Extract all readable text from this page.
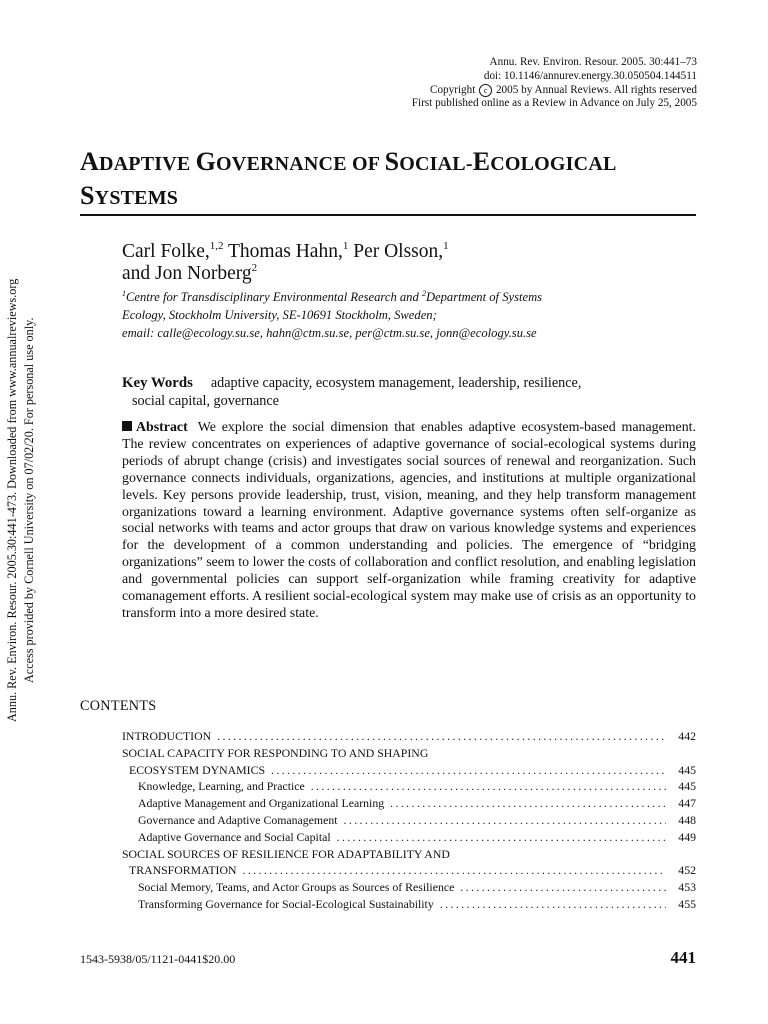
Annu. Rev. Environ. Resour. 2005. 30:441–73
doi: 10.1146/annurev.energy.30.050504.144511
Copyright c 2005 by Annual Reviews. All rights reserved
First published online as a Review in Advance on July 25, 2005
ADAPTIVE GOVERNANCE OF SOCIAL-ECOLOGICAL
SYSTEMS
Carl Folke,$^{1,2}$ Thomas Hahn,$^1$ Per Olsson,$^1$
and Jon Norberg$^2$
$^1$Centre for Transdisciplinary Environmental Research and $^2$Department of Systems
Ecology, Stockholm University, SE-10691 Stockholm, Sweden;
email: calle@ecology.su.se, hahn@ctm.su.se, per@ctm.su.se, jonn@ecology.su.se
Key Words adaptive capacity, ecosystem management, leadership, resilience,
social capital, governance
Abstract We explore the social dimension that enables adaptive ecosystem-based management. The review concentrates on experiences of adaptive governance of social-ecological systems during periods of abrupt change (crisis) and investigates social sources of renewal and reorganization. Such governance connects individuals, organizations, agencies, and institutions at multiple organizational levels. Key persons provide leadership, trust, vision, meaning, and they help transform management organizations toward a learning environment. Adaptive governance systems often self-organize as social networks with teams and actor groups that draw on various knowledge systems and experiences for the development of a common understanding and policies. The emergence of “bridging organizations” seem to lower the costs of collaboration and conflict resolution, and enabling legislation and governmental policies can support self-organization while framing creativity for adaptive comanagement efforts. A resilient social-ecological system may make use of crisis as an opportunity to transform into a more desired state.
CONTENTS
INTRODUCTION .....	442
SOCIAL CAPACITY FOR RESPONDING TO AND SHAPING
ECOSYSTEM DYNAMICS .....	445
Knowledge, Learning, and Practice .....	445
Adaptive Management and Organizational Learning .....	447
Governance and Adaptive Comanagement .....	448
Adaptive Governance and Social Capital .....	449
SOCIAL SOURCES OF RESILIENCE FOR ADAPTABILITY AND
TRANSFORMATION .....	452
Social Memory, Teams, and Actor Groups as Sources of Resilience .....	453
Transforming Governance for Social-Ecological Sustainability .....	455
Annu. Rev. Environ. Resour. 2005.30:441-473. Downloaded from www.annualreviews.org Access provided by Cornell University on 07/02/20. For personal use only.
1543-5938/05/1121-0441$20.00	441
